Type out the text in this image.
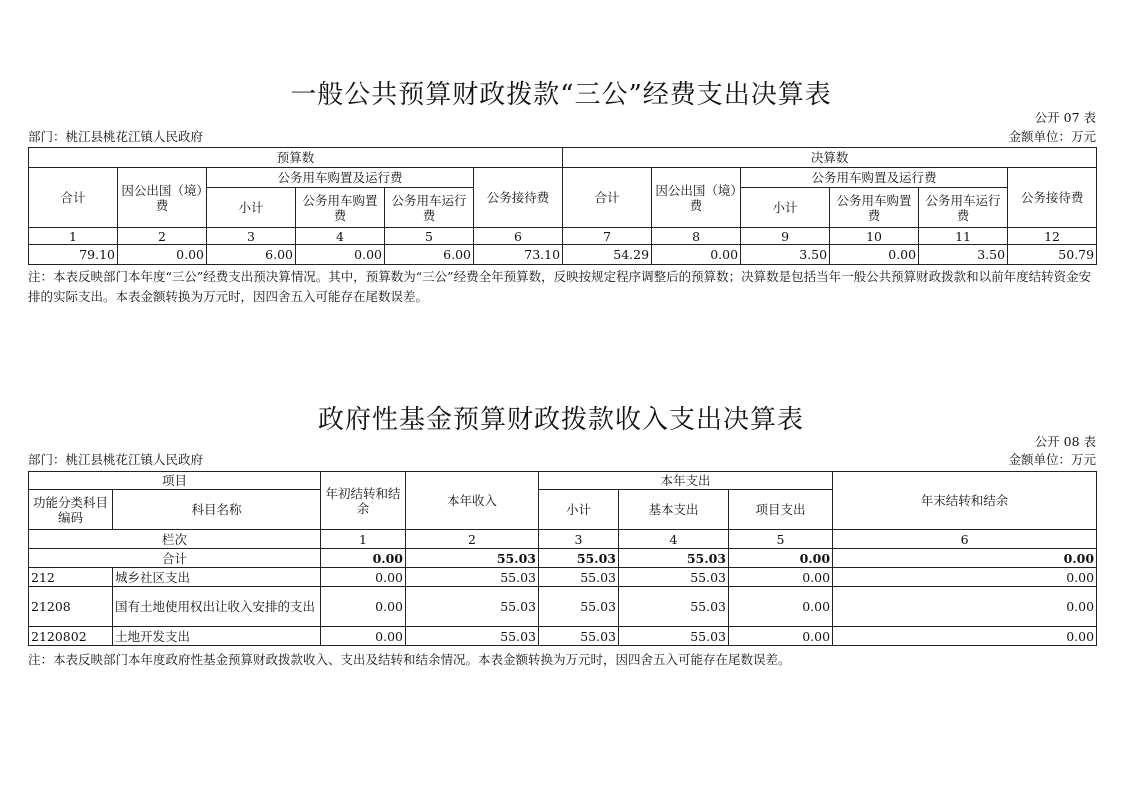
一般公共预算财政拨款“三公”经费支出决算表
公开 07 表
部门：桃江县桃花江镇人民政府	金额单位：万元
预算数						决算数					
合计	因公出国（境）费	公务用车购置及运行费			公务接待费	合计	因公出国（境）费	公务用车购置及运行费			公务接待费
		小计	公务用车购置费	公务用车运行费				小计	公务用车购置费	公务用车运行费	
1	2	3	4	5	6	7	8	9	10	11	12
79.10	0.00	6.00	0.00	6.00	73.10	54.29	0.00	3.50	0.00	3.50	50.79
注：本表反映部门本年度“三公”经费支出预决算情况。其中，预算数为“三公”经费全年预算数，反映按规定程序调整后的预算数；决算数是包括当年一般公共预算财政拨款和以前年度结转资金安排的实际支出。本表金额转换为万元时，因四舍五入可能存在尾数误差。
政府性基金预算财政拨款收入支出决算表
公开 08 表
部门：桃江县桃花江镇人民政府	金额单位：万元
项目		年初结转和结余	本年收入	本年支出			年末结转和结余
功能分类科目编码	科目名称			小计	基本支出	项目支出	
栏次		1	2	3	4	5	6
合计		0.00	55.03	55.03	55.03	0.00	0.00
212	城乡社区支出	0.00	55.03	55.03	55.03	0.00	0.00
21208	国有土地使用权出让收入安排的支出	0.00	55.03	55.03	55.03	0.00	0.00
2120802	土地开发支出	0.00	55.03	55.03	55.03	0.00	0.00
注：本表反映部门本年度政府性基金预算财政拨款收入、支出及结转和结余情况。本表金额转换为万元时，因四舍五入可能存在尾数误差。
